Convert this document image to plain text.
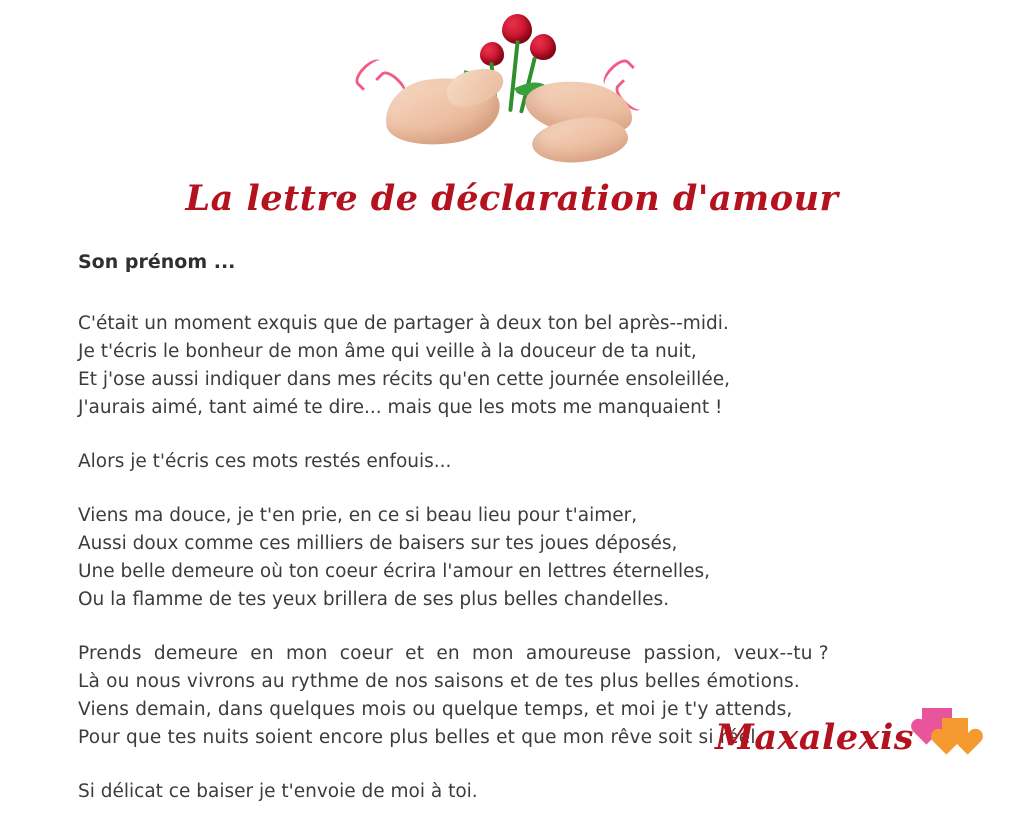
La lettre de déclaration d'amour
Son prénom ...
C'était un moment exquis que de partager à deux ton bel après--midi.
Je t'écris le bonheur de mon âme qui veille à la douceur de ta nuit,
Et j'ose aussi indiquer dans mes récits qu'en cette journée ensoleillée,
J'aurais aimé, tant aimé te dire... mais que les mots me manquaient !
Alors je t'écris ces mots restés enfouis...
Viens ma douce, je t'en prie, en ce si beau lieu pour t'aimer,
Aussi doux comme ces milliers de baisers sur tes joues déposés,
Une belle demeure où ton coeur écrira l'amour en lettres éternelles,
Ou la flamme de tes yeux brillera de ses plus belles chandelles.
Prends  demeure  en  mon  coeur  et  en  mon  amoureuse  passion,  veux--tu ?
Là ou nous vivrons au rythme de nos saisons et de tes plus belles émotions.
Viens demain, dans quelques mois ou quelque temps, et moi je t'y attends,
Pour que tes nuits soient encore plus belles et que mon rêve soit si réel.
Si délicat ce baiser je t'envoie de moi à toi.
Maxalexis
